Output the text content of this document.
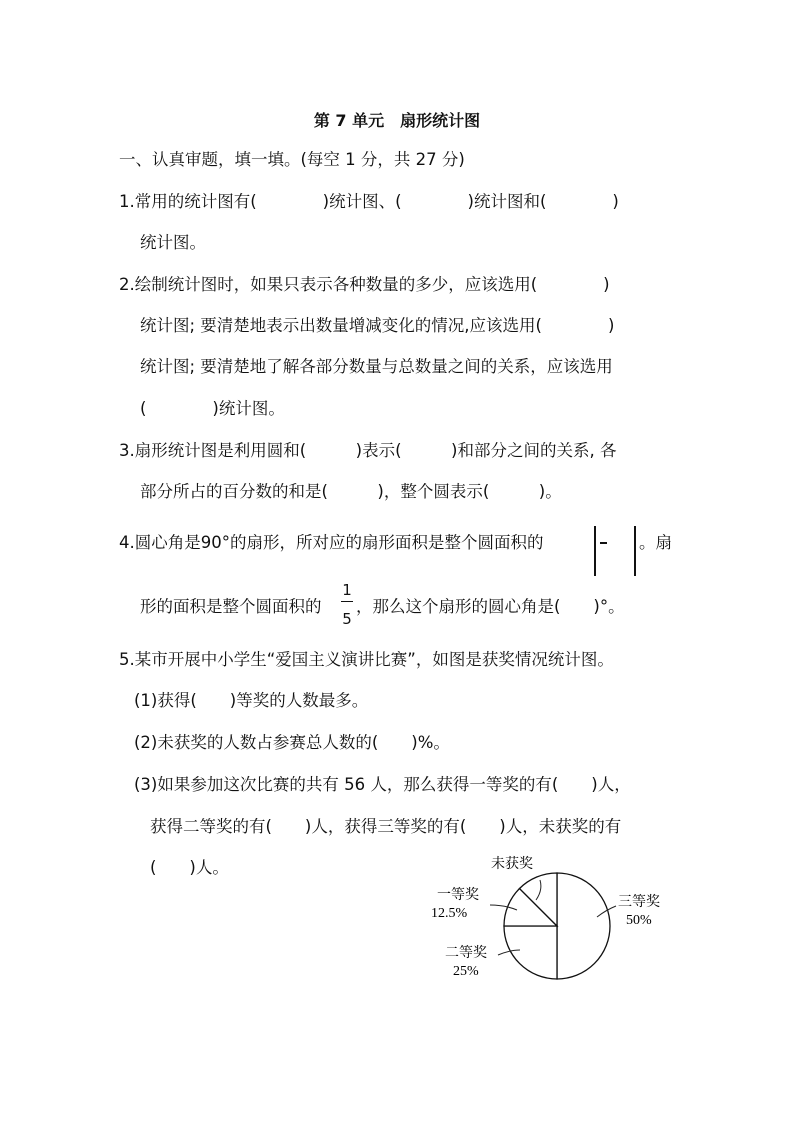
第 7 单元　扇形统计图
一、认真审题，填一填。(每空 1 分，共 27 分)
1.常用的统计图有(　　　　)统计图、(　　　　)统计图和(　　　　)
统计图。
2.绘制统计图时，如果只表示各种数量的多少，应该选用(　　　　)
统计图; 要清楚地表示出数量增减变化的情况,应该选用(　　　　)
统计图; 要清楚地了解各部分数量与总数量之间的关系，应该选用
(　　　　)统计图。
3.扇形统计图是利用圆和(　　　)表示(　　　)和部分之间的关系, 各
部分所占的百分数的和是(　　　)，整个圆表示(　　　)。
4.圆心角是90°的扇形，所对应的扇形面积是整个圆面积的	。扇
形的面积是整个圆面积的
1
5
，那么这个扇形的圆心角是(　　)°。
5.某市开展中小学生“爱国主义演讲比赛”，如图是获奖情况统计图。
(1)获得(　　)等奖的人数最多。
(2)未获奖的人数占参赛总人数的(　　)%。
(3)如果参加这次比赛的共有 56 人，那么获得一等奖的有(　　)人，
获得二等奖的有(　　)人，获得三等奖的有(　　)人，未获奖的有
(　　)人。	未获奖
一等奖
12.5%
三等奖
50%
二等奖
25%
